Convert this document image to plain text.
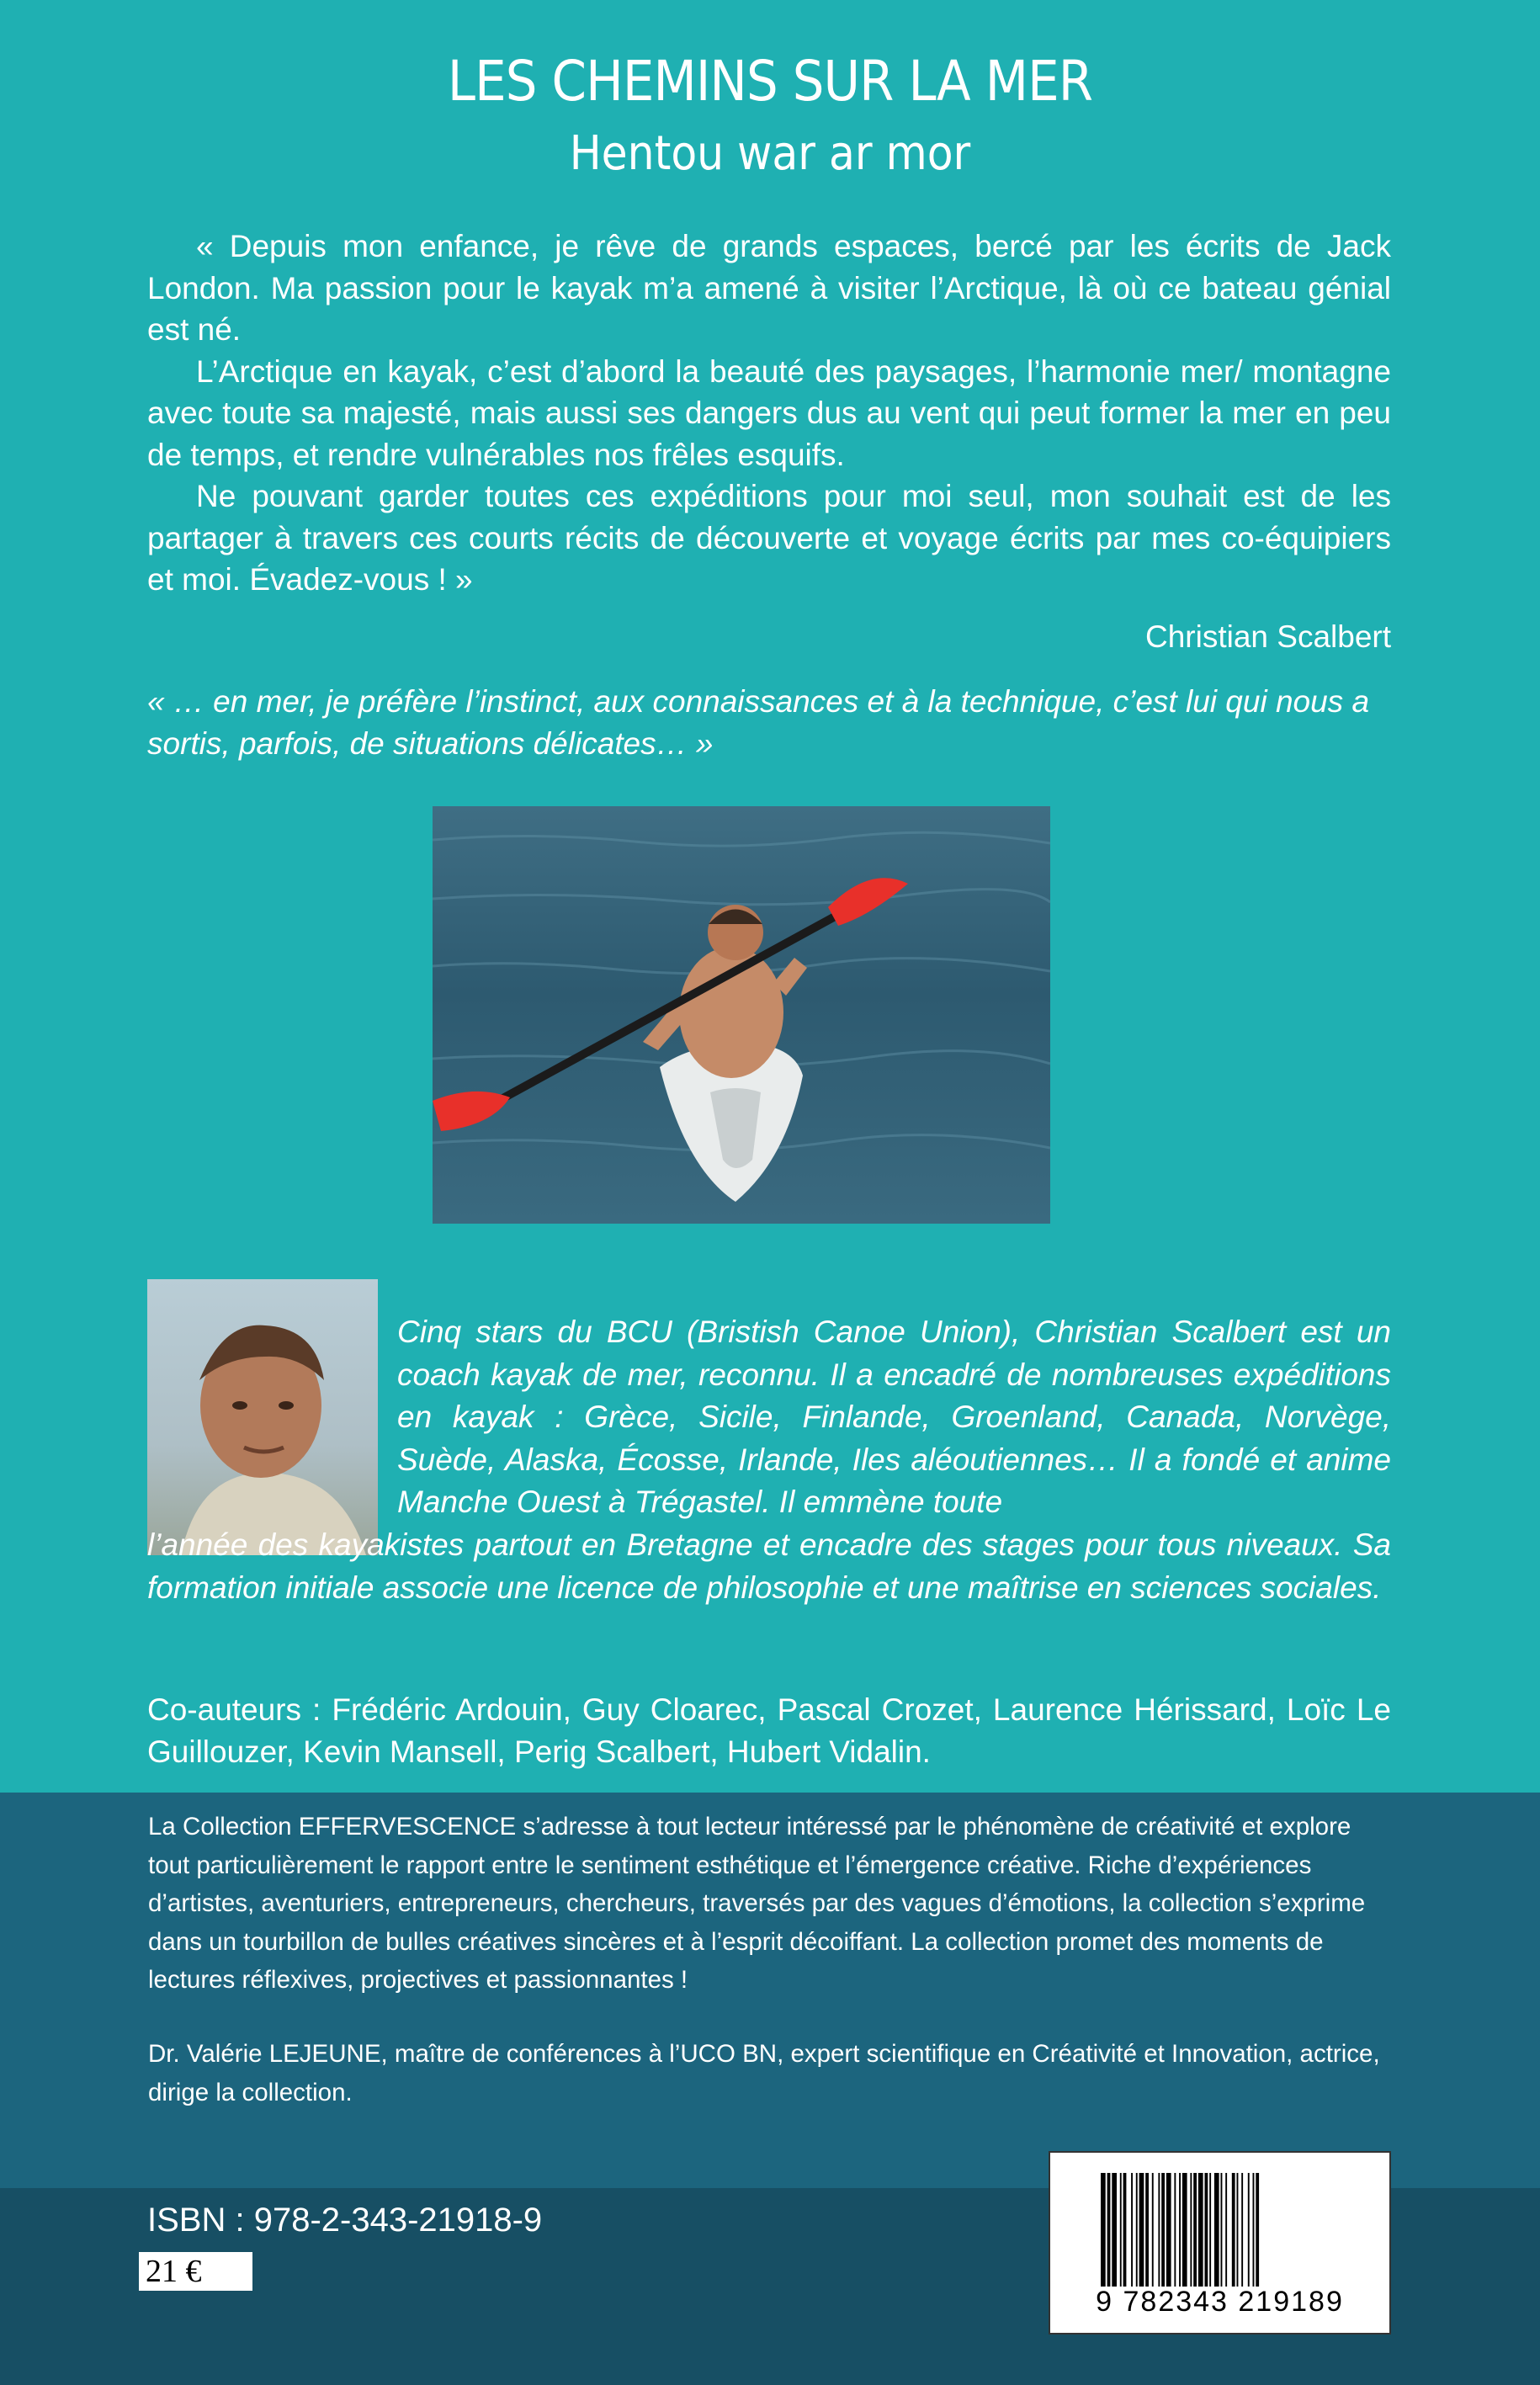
LES CHEMINS SUR LA MER
Hentou war ar mor

« Depuis mon enfance, je rêve de grands espaces, bercé par les écrits de Jack London. Ma passion pour le kayak m’a amené à visiter l’Arctique, là où ce bateau génial est né.

L’Arctique en kayak, c’est d’abord la beauté des paysages, l’harmonie mer/ montagne avec toute sa majesté, mais aussi ses dangers dus au vent qui peut former la mer en peu de temps, et rendre vulnérables nos frêles esquifs.

Ne pouvant garder toutes ces expéditions pour moi seul, mon souhait est de les partager à travers ces courts récits de découverte et voyage écrits par mes co-équipiers et moi. Évadez-vous ! »

Christian Scalbert
« … en mer, je préfère l’instinct, aux connaissances et à la technique, c’est lui qui nous a sortis, parfois, de situations délicates… »

Cinq stars du BCU (Bristish Canoe Union), Christian Scalbert est un coach kayak de mer, reconnu. Il a encadré de nombreuses expéditions en kayak : Grèce, Sicile, Finlande, Groenland, Canada, Norvège, Suède, Alaska, Écosse, Irlande, Iles aléoutiennes… Il a fondé et anime Manche Ouest à Trégastel. Il emmène toute

l’année des kayakistes partout en Bretagne et encadre des stages pour tous niveaux. Sa formation initiale associe une licence de philosophie et une maîtrise en sciences sociales.

Co-auteurs : Frédéric Ardouin, Guy Cloarec, Pascal Crozet, Laurence Hérissard, Loïc Le Guillouzer, Kevin Mansell, Perig Scalbert, Hubert Vidalin.

La Collection EFFERVESCENCE s’adresse à tout lecteur intéressé par le phénomène de créativité et explore tout particulièrement le rapport entre le sentiment esthétique et l’émergence créative. Riche d’expériences d’artistes, aventuriers, entrepreneurs, chercheurs, traversés par des vagues d’émotions, la collection s’exprime dans un tourbillon de bulles créatives sincères et à l’esprit décoiffant. La collection promet des moments de lectures réflexives, projectives et passionnantes !

Dr. Valérie LEJEUNE, maître de conférences à l’UCO BN, expert scientifique en Créativité et Innovation, actrice, dirige la collection.

ISBN : 978-2-343-21918-9
21 €
9 782343 219189
